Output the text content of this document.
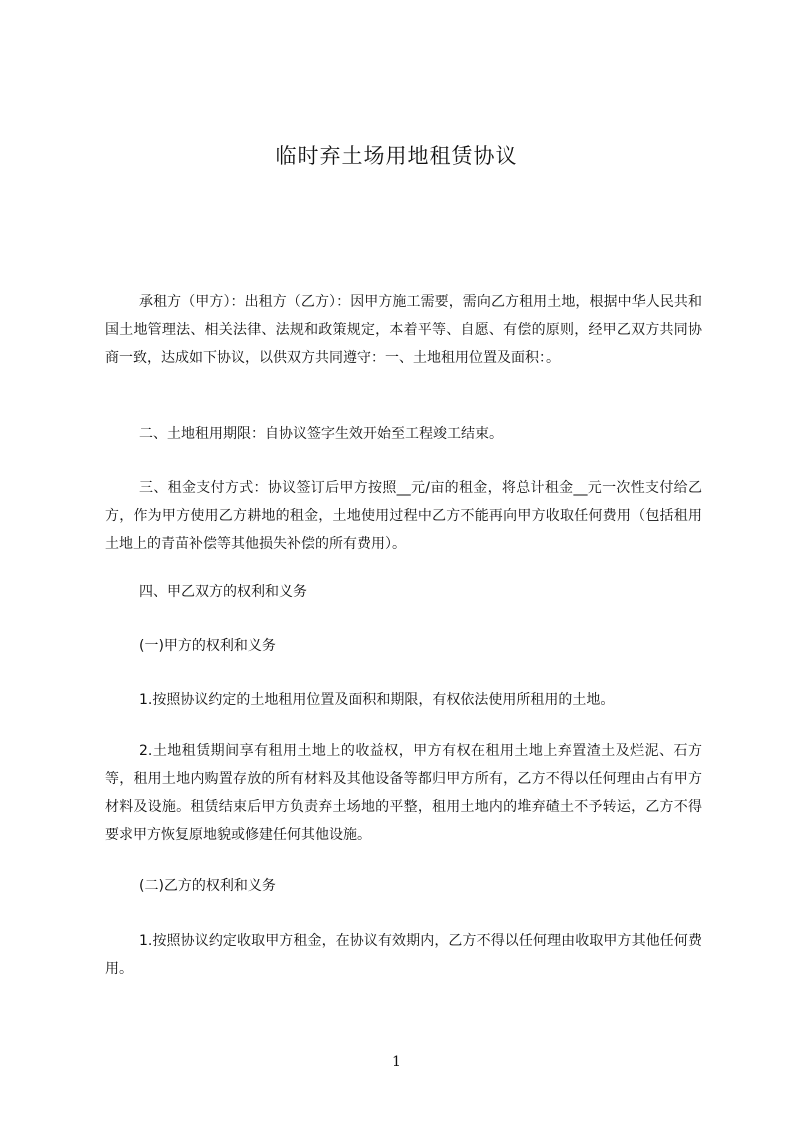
临时弃土场用地租赁协议

承租方（甲方）：出租方（乙方）：因甲方施工需要，需向乙方租用土地，根据中华人民共和国土地管理法、相关法律、法规和政策规定，本着平等、自愿、有偿的原则，经甲乙双方共同协商一致，达成如下协议，以供双方共同遵守：一、土地租用位置及面积：。

二、土地租用期限：自协议签字生效开始至工程竣工结束。

三、租金支付方式：协议签订后甲方按照__元/亩的租金，将总计租金__元一次性支付给乙方，作为甲方使用乙方耕地的租金，土地使用过程中乙方不能再向甲方收取任何费用（包括租用土地上的青苗补偿等其他损失补偿的所有费用）。

四、甲乙双方的权利和义务

(一)甲方的权利和义务

1.按照协议约定的土地租用位置及面积和期限，有权依法使用所租用的土地。

2.土地租赁期间享有租用土地上的收益权，甲方有权在租用土地上弃置渣土及烂泥、石方等，租用土地内购置存放的所有材料及其他设备等都归甲方所有，乙方不得以任何理由占有甲方材料及设施。租赁结束后甲方负责弃土场地的平整，租用土地内的堆弃碴土不予转运，乙方不得要求甲方恢复原地貌或修建任何其他设施。

(二)乙方的权利和义务

1.按照协议约定收取甲方租金，在协议有效期内，乙方不得以任何理由收取甲方其他任何费用。

1
